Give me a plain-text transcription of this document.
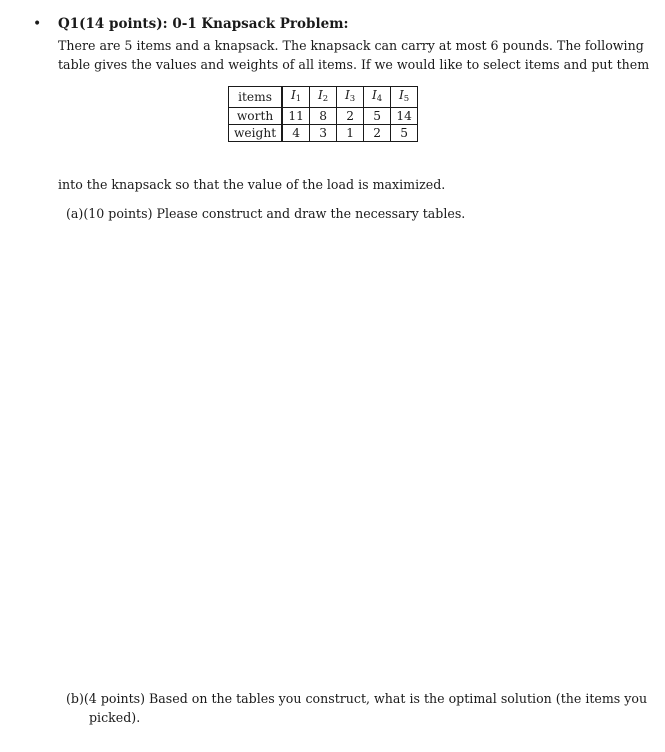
• Q1(14 points): 0-1 Knapsack Problem:
There are 5 items and a knapsack. The knapsack can carry at most 6 pounds. The following
table gives the values and weights of all items. If we would like to select items and put them
items	$I_1$	$I_2$	$I_3$	$I_4$	$I_5$
worth	11	8	2	5	14
weight	4	3	1	2	5
into the knapsack so that the value of the load is maximized.
(a)(10 points) Please construct and draw the necessary tables.
(b)(4 points) Based on the tables you construct, what is the optimal solution (the items you
picked).
